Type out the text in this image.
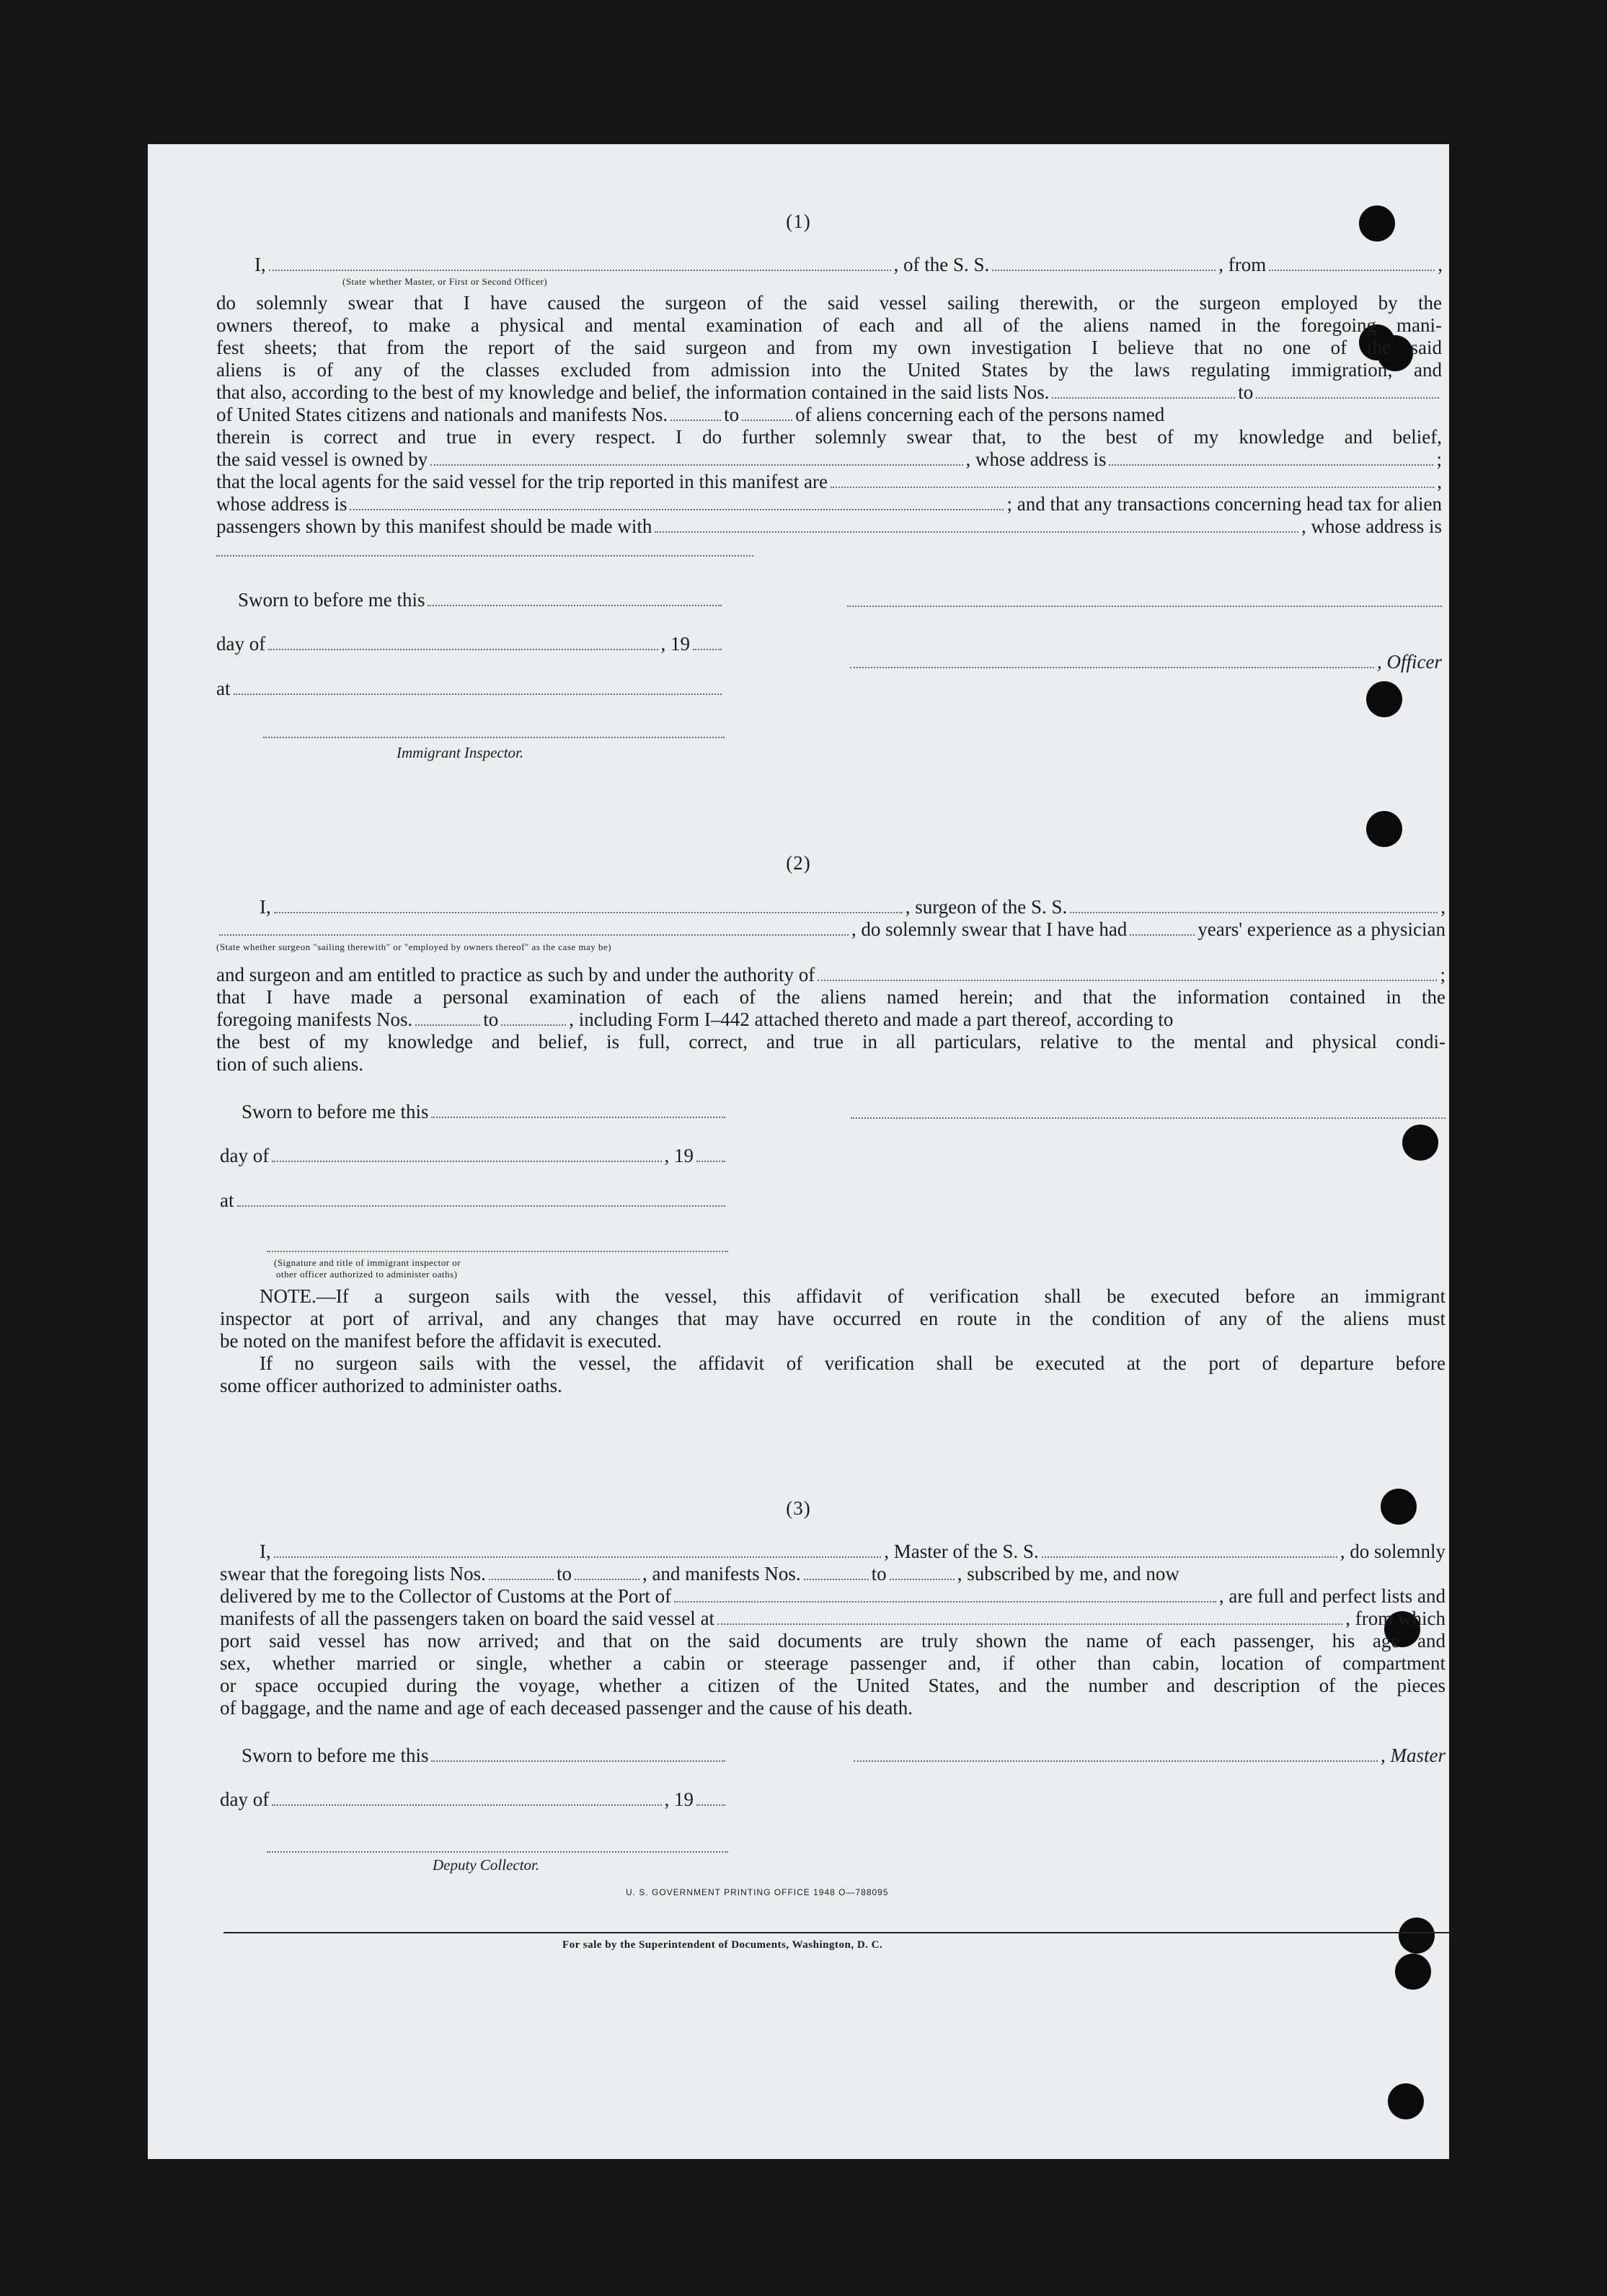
(1)
I,	, of the S. S.	, from	,
(State whether Master, or First or Second Officer)
do solemnly swear that I have caused the surgeon of the said vessel sailing therewith, or the surgeon employed by the
owners thereof, to make a physical and mental examination of each and all of the aliens named in the foregoing mani-
fest sheets; that from the report of the said surgeon and from my own investigation I believe that no one of the said
aliens is of any of the classes excluded from admission into the United States by the laws regulating immigration; and
that also, according to the best of my knowledge and belief, the information contained in the said lists Nos.	to
of United States citizens and nationals and manifests Nos.	to	of aliens concerning each of the persons named
therein is correct and true in every respect. I do further solemnly swear that, to the best of my knowledge and belief,
the said vessel is owned by	, whose address is	;
that the local agents for the said vessel for the trip reported in this manifest are	,
whose address is	; and that any transactions concerning head tax for alien
passengers shown by this manifest should be made with	, whose address is
Sworn to before me this
day of	, 19
, Officer
at
Immigrant Inspector.
(2)
I,	, surgeon of the S. S.	,
, do solemnly swear that I have had	years' experience as a physician
(State whether surgeon "sailing therewith" or "employed by owners thereof" as the case may be)
and surgeon and am entitled to practice as such by and under the authority of	;
that I have made a personal examination of each of the aliens named herein; and that the information contained in the
foregoing manifests Nos.	to	, including Form I–442 attached thereto and made a part thereof, according to
the best of my knowledge and belief, is full, correct, and true in all particulars, relative to the mental and physical condi-
tion of such aliens.
Sworn to before me this
day of	, 19
at
(Signature and title of immigrant inspector or
other officer authorized to administer oaths)
NOTE.—If a surgeon sails with the vessel, this affidavit of verification shall be executed before an immigrant
inspector at port of arrival, and any changes that may have occurred en route in the condition of any of the aliens must
be noted on the manifest before the affidavit is executed.
If no surgeon sails with the vessel, the affidavit of verification shall be executed at the port of departure before
some officer authorized to administer oaths.
(3)
I,	, Master of the S. S.	, do solemnly
swear that the foregoing lists Nos.	to	, and manifests Nos.	to	, subscribed by me, and now
delivered by me to the Collector of Customs at the Port of	, are full and perfect lists and
manifests of all the passengers taken on board the said vessel at	, from which
port said vessel has now arrived; and that on the said documents are truly shown the name of each passenger, his age and
sex, whether married or single, whether a cabin or steerage passenger and, if other than cabin, location of compartment
or space occupied during the voyage, whether a citizen of the United States, and the number and description of the pieces
of baggage, and the name and age of each deceased passenger and the cause of his death.
Sworn to before me this	, Master
day of	, 19
Deputy Collector.
U. S. GOVERNMENT PRINTING OFFICE 1948 O—788095
For sale by the Superintendent of Documents, Washington, D. C.
